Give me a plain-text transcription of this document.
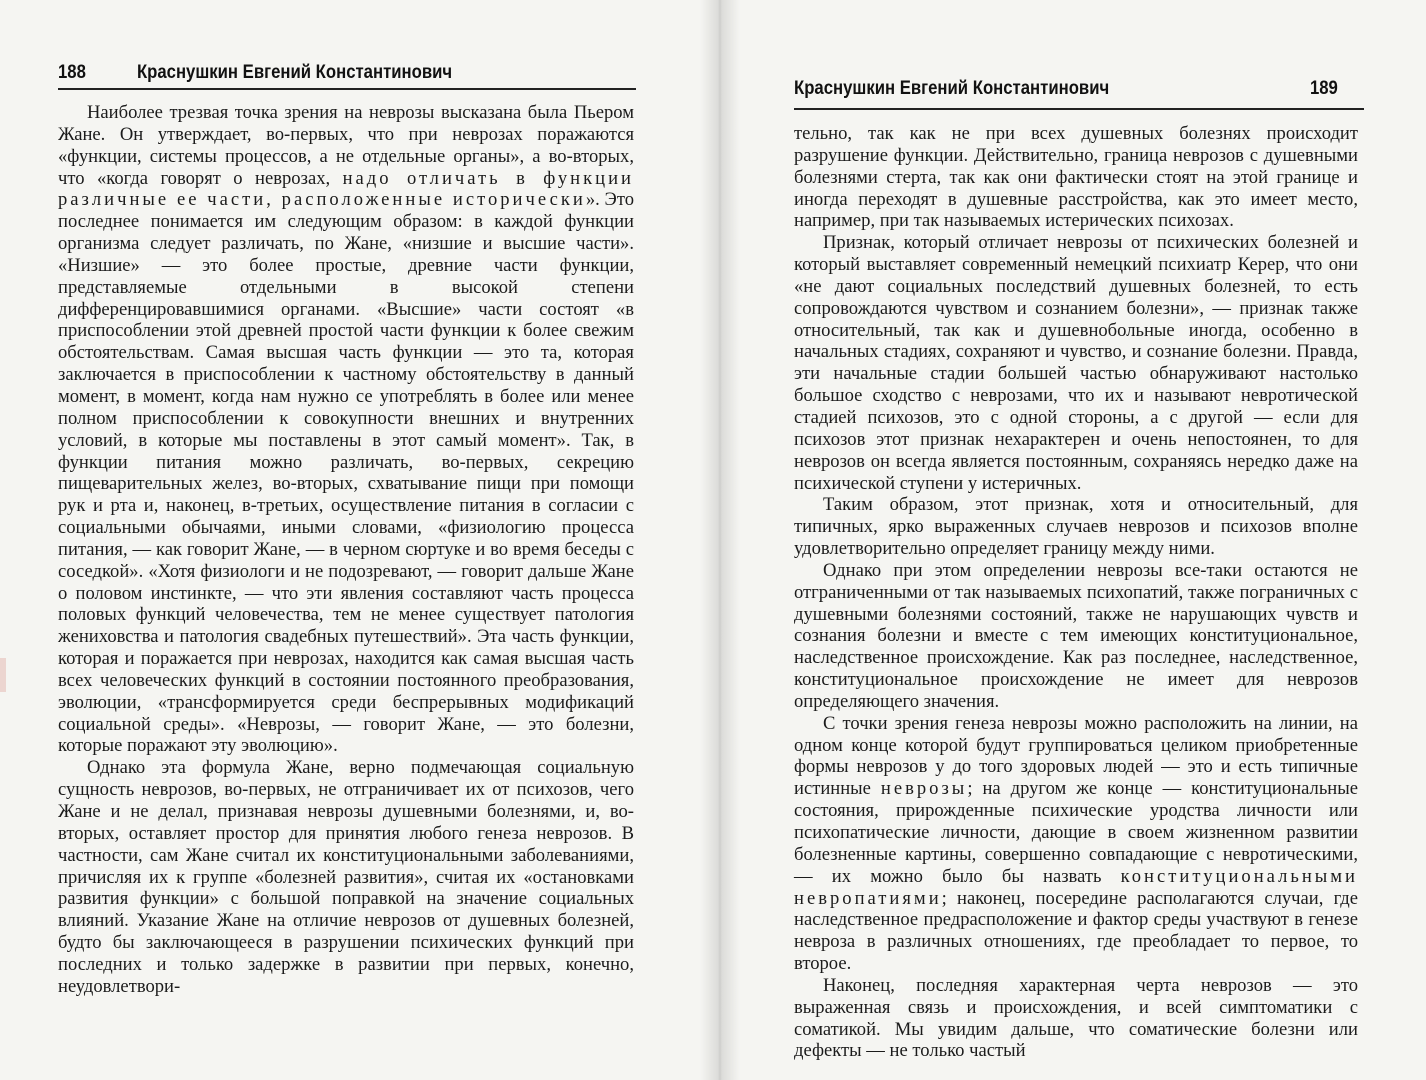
188	Краснушкин Евгений Константинович

Наиболее трезвая точка зрения на неврозы высказана была Пьером Жане. Он утверждает, во-первых, что при неврозах поражаются «функции, системы процессов, а не отдельные органы», а во-вторых, что «когда говорят о неврозах, надо отличать в функции различные ее части, расположенные исторически». Это последнее понимается им следующим образом: в каждой функции организма следует различать, по Жане, «низшие и высшие части». «Низшие» — это более простые, древние части функции, представляемые отдельными в высокой степени дифференцировавшимися органами. «Высшие» части состоят «в приспособлении этой древней простой части функции к более свежим обстоятельствам. Самая высшая часть функции — это та, которая заключается в приспособлении к частному обстоятельству в данный момент, в момент, когда нам нужно се употреблять в более или менее полном приспособлении к совокупности внешних и внутренних условий, в которые мы поставлены в этот самый момент». Так, в функции питания можно различать, во-первых, секрецию пищеварительных желез, во-вторых, схватывание пищи при помощи рук и рта и, наконец, в-третьих, осуществление питания в согласии с социальными обычаями, иными словами, «физиологию процесса питания, — как говорит Жане, — в черном сюртуке и во время беседы с соседкой». «Хотя физиологи и не подозревают, — говорит дальше Жане о половом инстинкте, — что эти явления составляют часть процесса половых функций человечества, тем не менее существует патология жениховства и патология свадебных путешествий». Эта часть функции, которая и поражается при неврозах, находится как самая высшая часть всех человеческих функций в состоянии постоянного преобразования, эволюции, «трансформируется среди беспрерывных модификаций социальной среды». «Неврозы, — говорит Жане, — это болезни, которые поражают эту эволюцию».

Однако эта формула Жане, верно подмечающая социальную сущность неврозов, во-первых, не отграничивает их от психозов, чего Жане и не делал, признавая неврозы душевными болезнями, и, во-вторых, оставляет простор для принятия любого генеза неврозов. В частности, сам Жане считал их конституциональными заболеваниями, причисляя их к группе «болезней развития», считая их «остановками развития функции» с большой поправкой на значение социальных влияний. Указание Жане на отличие неврозов от душевных болезней, будто бы заключающееся в разрушении психических функций при последних и только задержке в развитии при первых, конечно, неудовлетвори-

Краснушкин Евгений Константинович	189

тельно, так как не при всех душевных болезнях происходит разрушение функции. Действительно, граница неврозов с душевными болезнями стерта, так как они фактически стоят на этой границе и иногда переходят в душевные расстройства, как это имеет место, например, при так называемых истерических психозах.

Признак, который отличает неврозы от психических болезней и который выставляет современный немецкий психиатр Керер, что они «не дают социальных последствий душевных болезней, то есть сопровождаются чувством и сознанием болезни», — признак также относительный, так как и душевнобольные иногда, особенно в начальных стадиях, сохраняют и чувство, и сознание болезни. Правда, эти начальные стадии большей частью обнаруживают настолько большое сходство с неврозами, что их и называют невротической стадией психозов, это с одной стороны, а с другой — если для психозов этот признак нехарактерен и очень непостоянен, то для неврозов он всегда является постоянным, сохраняясь нередко даже на психической ступени у истеричных.

Таким образом, этот признак, хотя и относительный, для типичных, ярко выраженных случаев неврозов и психозов вполне удовлетворительно определяет границу между ними.

Однако при этом определении неврозы все-таки остаются не отграниченными от так называемых психопатий, также пограничных с душевными болезнями состояний, также не нарушающих чувств и сознания болезни и вместе с тем имеющих конституциональное, наследственное происхождение. Как раз последнее, наследственное, конституциональное происхождение не имеет для неврозов определяющего значения.

С точки зрения генеза неврозы можно расположить на линии, на одном конце которой будут группироваться целиком приобретенные формы неврозов у до того здоровых людей — это и есть типичные истинные неврозы; на другом же конце — конституциональные состояния, прирожденные психические уродства личности или психопатические личности, дающие в своем жизненном развитии болезненные картины, совершенно совпадающие с невротическими, — их можно было бы назвать конституциональными невропатиями; наконец, посередине располагаются случаи, где наследственное предрасположение и фактор среды участвуют в генезе невроза в различных отношениях, где преобладает то первое, то второе.

Наконец, последняя характерная черта неврозов — это выраженная связь и происхождения, и всей симптоматики с соматикой. Мы увидим дальше, что соматические болезни или дефекты — не только частый
